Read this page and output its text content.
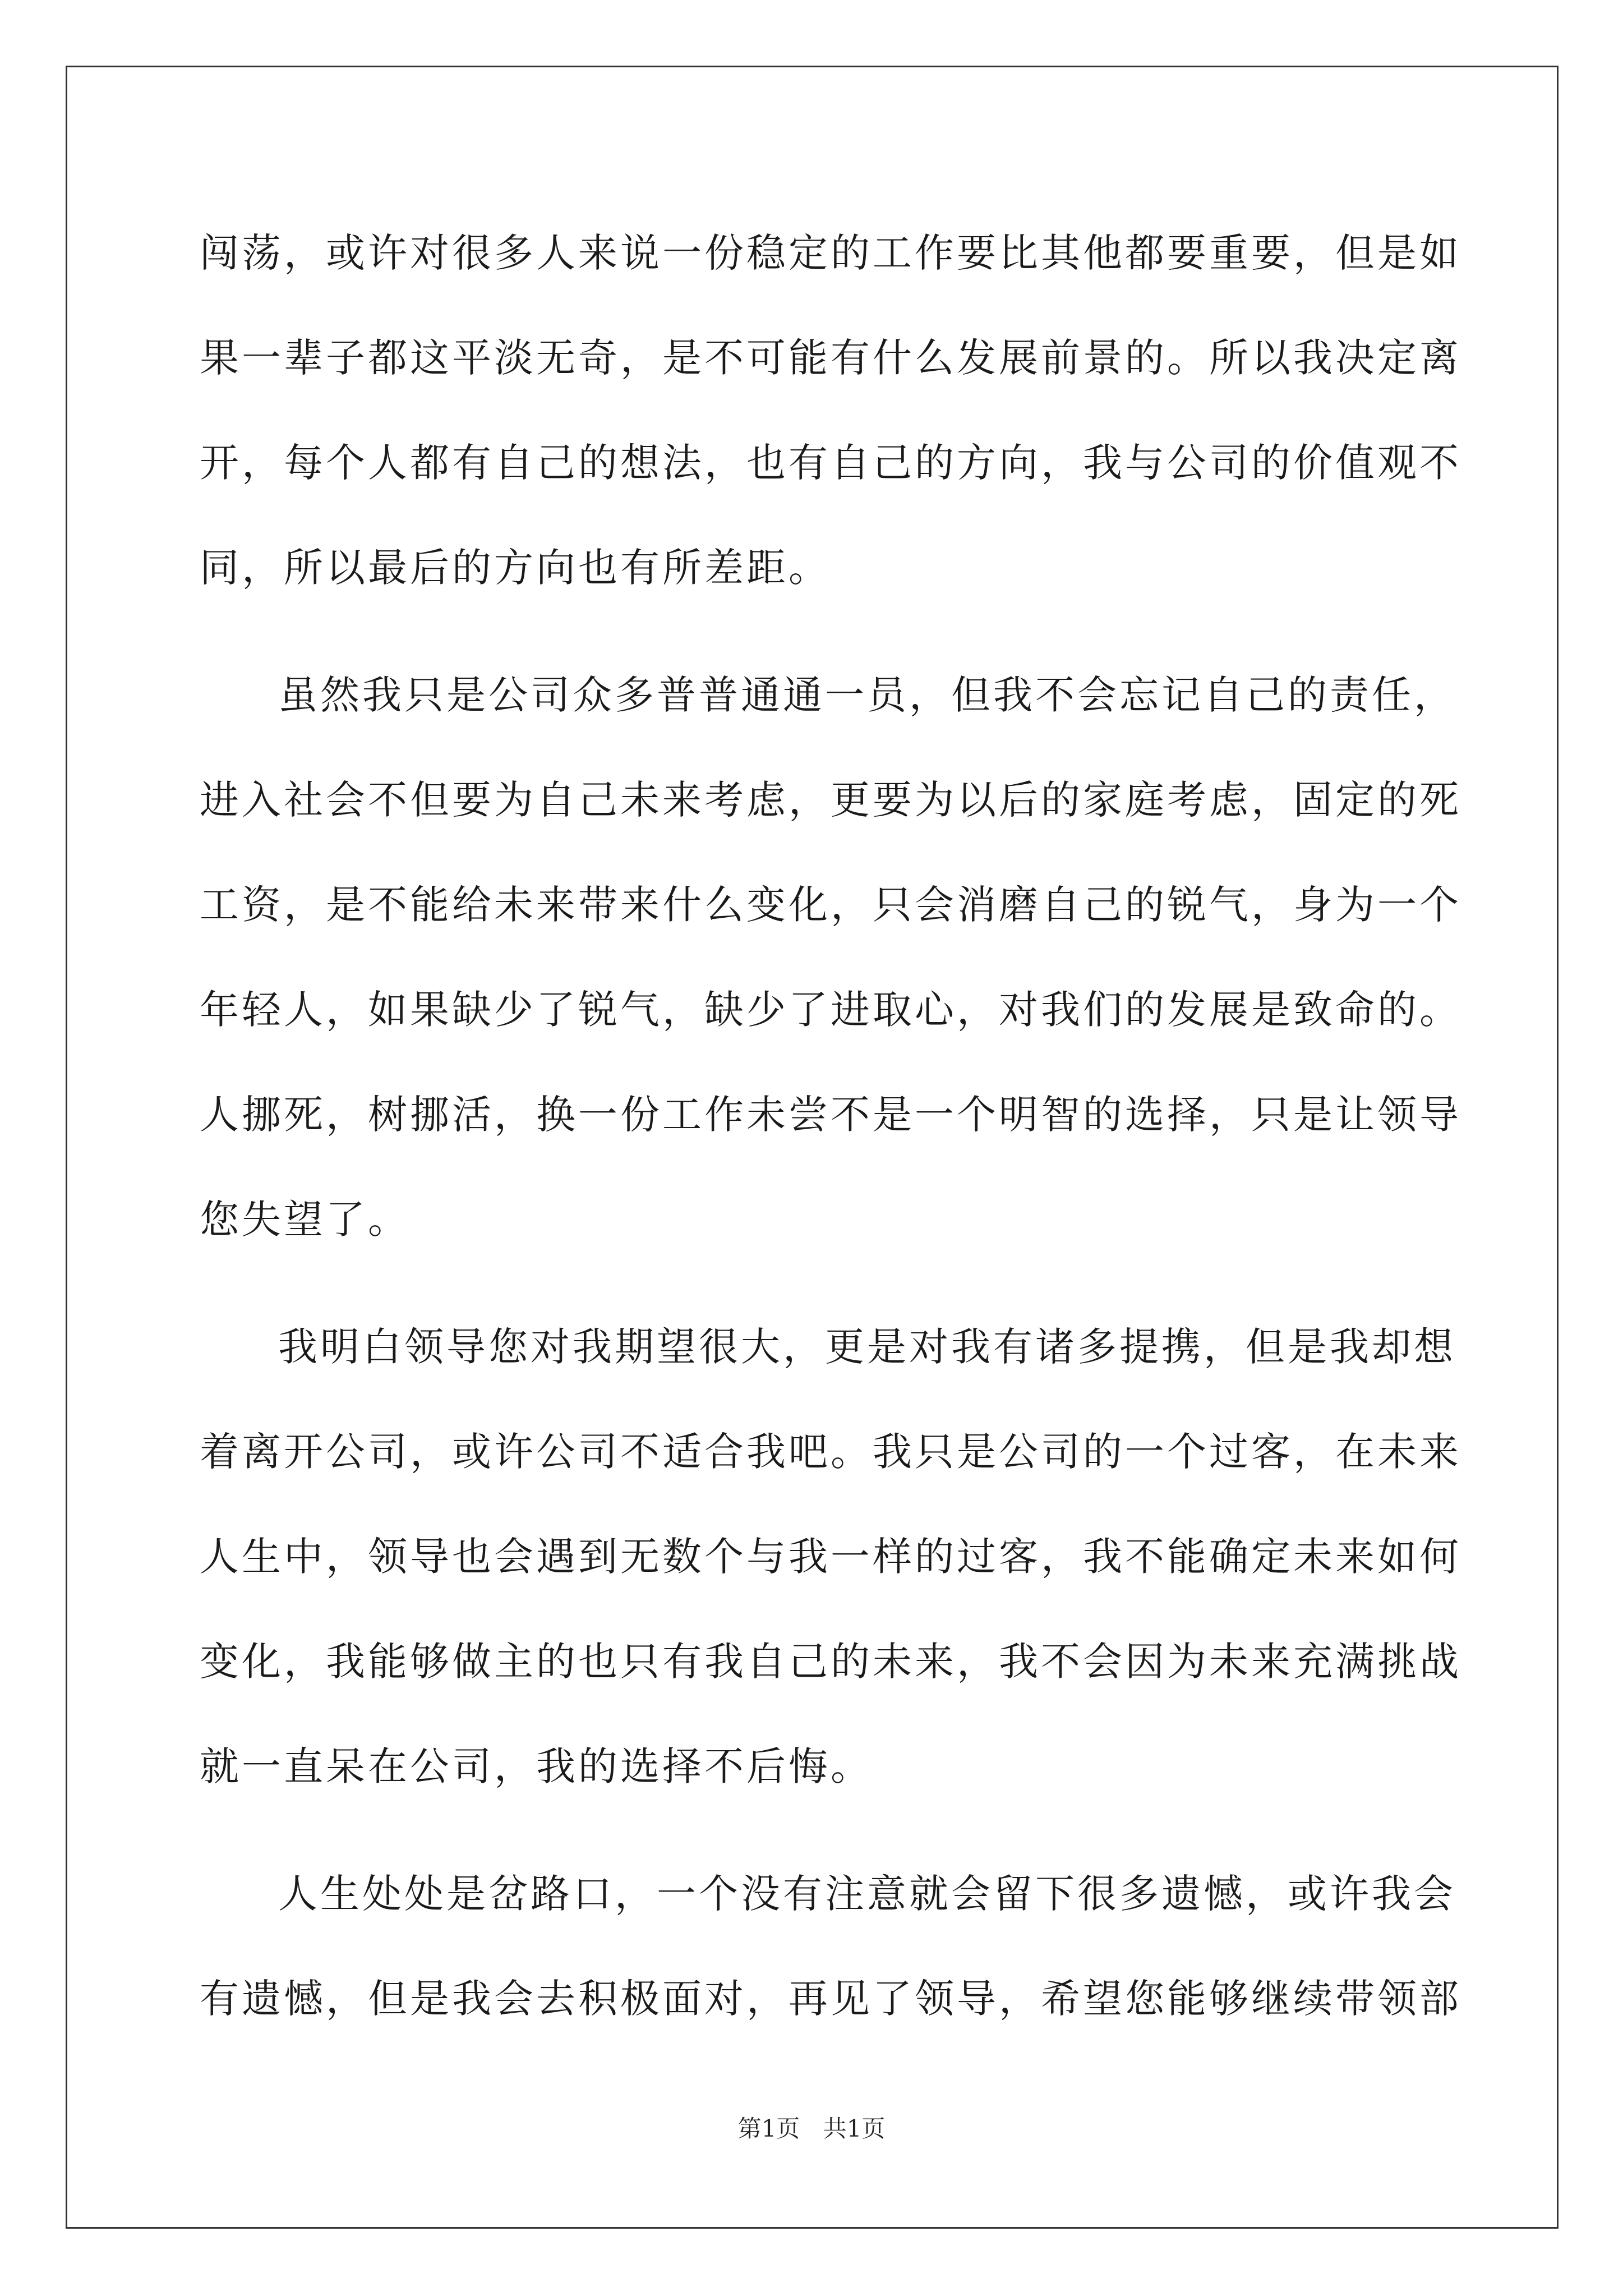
闯荡，或许对很多人来说一份稳定的工作要比其他都要重要，但是如
果一辈子都这平淡无奇，是不可能有什么发展前景的。所以我决定离
开，每个人都有自己的想法，也有自己的方向，我与公司的价值观不
同，所以最后的方向也有所差距。
虽然我只是公司众多普普通通一员，但我不会忘记自己的责任，
进入社会不但要为自己未来考虑，更要为以后的家庭考虑，固定的死
工资，是不能给未来带来什么变化，只会消磨自己的锐气，身为一个
年轻人，如果缺少了锐气，缺少了进取心，对我们的发展是致命的。
人挪死，树挪活，换一份工作未尝不是一个明智的选择，只是让领导
您失望了。
我明白领导您对我期望很大，更是对我有诸多提携，但是我却想
着离开公司，或许公司不适合我吧。我只是公司的一个过客，在未来
人生中，领导也会遇到无数个与我一样的过客，我不能确定未来如何
变化，我能够做主的也只有我自己的未来，我不会因为未来充满挑战
就一直呆在公司，我的选择不后悔。
人生处处是岔路口，一个没有注意就会留下很多遗憾，或许我会
有遗憾，但是我会去积极面对，再见了领导，希望您能够继续带领部
第1页 共1页
